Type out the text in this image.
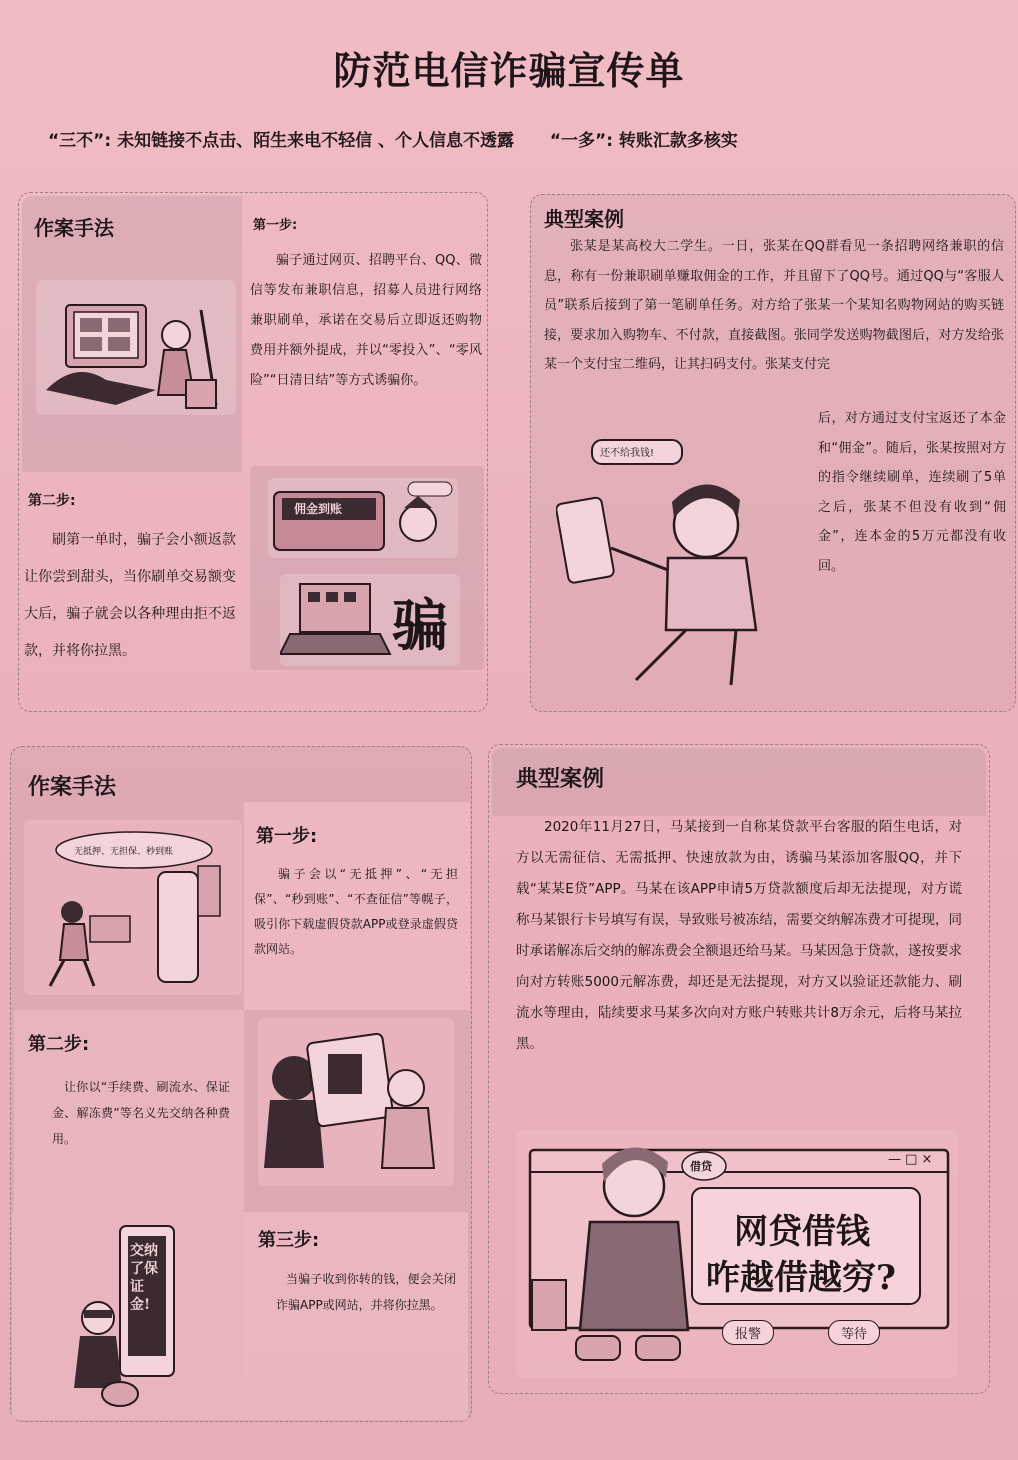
防范电信诈骗宣传单
“三不”: 未知链接不点击、陌生来电不轻信 、个人信息不透露 “一多”: 转账汇款多核实
作案手法	第一步:
骗子通过网页、招聘平台、QQ、微信等发布兼职信息，招募人员进行网络兼职刷单，承诺在交易后立即返还购物费用并额外提成，并以“零投入”、“零风险”“日清日结”等方式诱骗你。
第二步:
刷第一单时，骗子会小额返款让你尝到甜头，当你刷单交易额变大后，骗子就会以各种理由拒不返款，并将你拉黑。
佣金到账
骗
典型案例
张某是某高校大二学生。一日，张某在QQ群看见一条招聘网络兼职的信息，称有一份兼职刷单赚取佣金的工作，并且留下了QQ号。通过QQ与“客服人员”联系后接到了第一笔刷单任务。对方给了张某一个某知名购物网站的购买链接，要求加入购物车、不付款，直接截图。张同学发送购物截图后，对方发给张某一个支付宝二维码，让其扫码支付。张某支付完
后，对方通过支付宝返还了本金和“佣金”。随后，张某按照对方的指令继续刷单，连续刷了5单之后，张某不但没有收到“佣金”，连本金的5万元都没有收回。
还不给我钱!
作案手法
无抵押、无担保、秒到账
第一步:
骗子会以“无抵押”、“无担保”、“秒到账”、“不查征信”等幌子，吸引你下载虚假贷款APP或登录虚假贷款网站。
第二步:
让你以“手续费、刷流水、保证金、解冻费”等名义先交纳各种费用。
交纳了保证金!
第三步:
当骗子收到你转的钱，便会关闭诈骗APP或网站，并将你拉黑。
典型案例
2020年11月27日，马某接到一自称某贷款平台客服的陌生电话，对方以无需征信、无需抵押、快速放款为由，诱骗马某添加客服QQ，并下载“某某E贷”APP。马某在该APP申请5万贷款额度后却无法提现，对方谎称马某银行卡号填写有误，导致账号被冻结，需要交纳解冻费才可提现，同时承诺解冻后交纳的解冻费会全额退还给马某。马某因急于贷款，遂按要求向对方转账5000元解冻费，却还是无法提现，对方又以验证还款能力、刷流水等理由，陆续要求马某多次向对方账户转账共计8万余元，后将马某拉黑。
借贷	— □ ×
网贷借钱
咋越借越穷?
报警	等待
